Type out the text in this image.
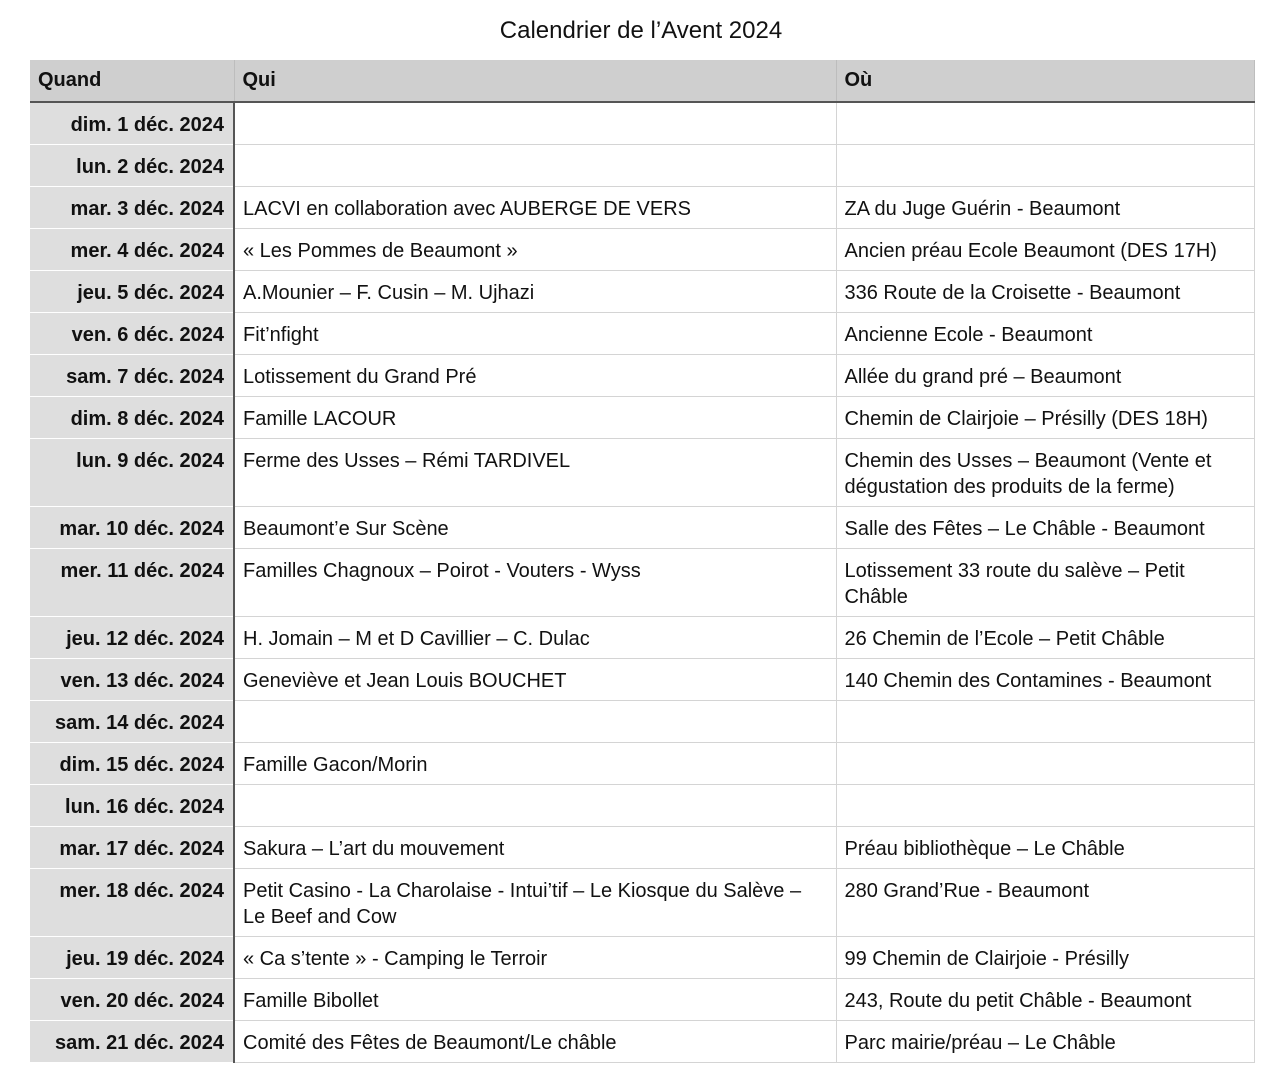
Calendrier de l’Avent 2024
Quand	Qui	Où
dim. 1 déc. 2024		
lun. 2 déc. 2024		
mar. 3 déc. 2024	LACVI en collaboration avec AUBERGE DE VERS	ZA du Juge Guérin - Beaumont
mer. 4 déc. 2024	« Les Pommes de Beaumont »	Ancien préau Ecole Beaumont (DES 17H)
jeu. 5 déc. 2024	A.Mounier – F. Cusin – M. Ujhazi	336 Route de la Croisette - Beaumont
ven. 6 déc. 2024	Fit’nfight	Ancienne Ecole - Beaumont
sam. 7 déc. 2024	Lotissement du Grand Pré	Allée du grand pré – Beaumont
dim. 8 déc. 2024	Famille LACOUR	Chemin de Clairjoie – Présilly (DES 18H)
lun. 9 déc. 2024	Ferme des Usses – Rémi TARDIVEL	Chemin des Usses – Beaumont (Vente et dégustation des produits de la ferme)
mar. 10 déc. 2024	Beaumont’e Sur Scène	Salle des Fêtes – Le Châble - Beaumont
mer. 11 déc. 2024	Familles Chagnoux – Poirot - Vouters - Wyss	Lotissement 33 route du salève – Petit Châble
jeu. 12 déc. 2024	H. Jomain – M et D Cavillier – C. Dulac	26 Chemin de l’Ecole – Petit Châble
ven. 13 déc. 2024	Geneviève et Jean Louis BOUCHET	140 Chemin des Contamines - Beaumont
sam. 14 déc. 2024		
dim. 15 déc. 2024	Famille Gacon/Morin	
lun. 16 déc. 2024		
mar. 17 déc. 2024	Sakura – L’art du mouvement	Préau bibliothèque – Le Châble
mer. 18 déc. 2024	Petit Casino - La Charolaise - Intui’tif – Le Kiosque du Salève – Le Beef and Cow	280 Grand’Rue - Beaumont
jeu. 19 déc. 2024	« Ca s’tente » - Camping le Terroir	99 Chemin de Clairjoie - Présilly
ven. 20 déc. 2024	Famille Bibollet	243, Route du petit Châble - Beaumont
sam. 21 déc. 2024	Comité des Fêtes de Beaumont/Le châble	Parc mairie/préau – Le Châble
